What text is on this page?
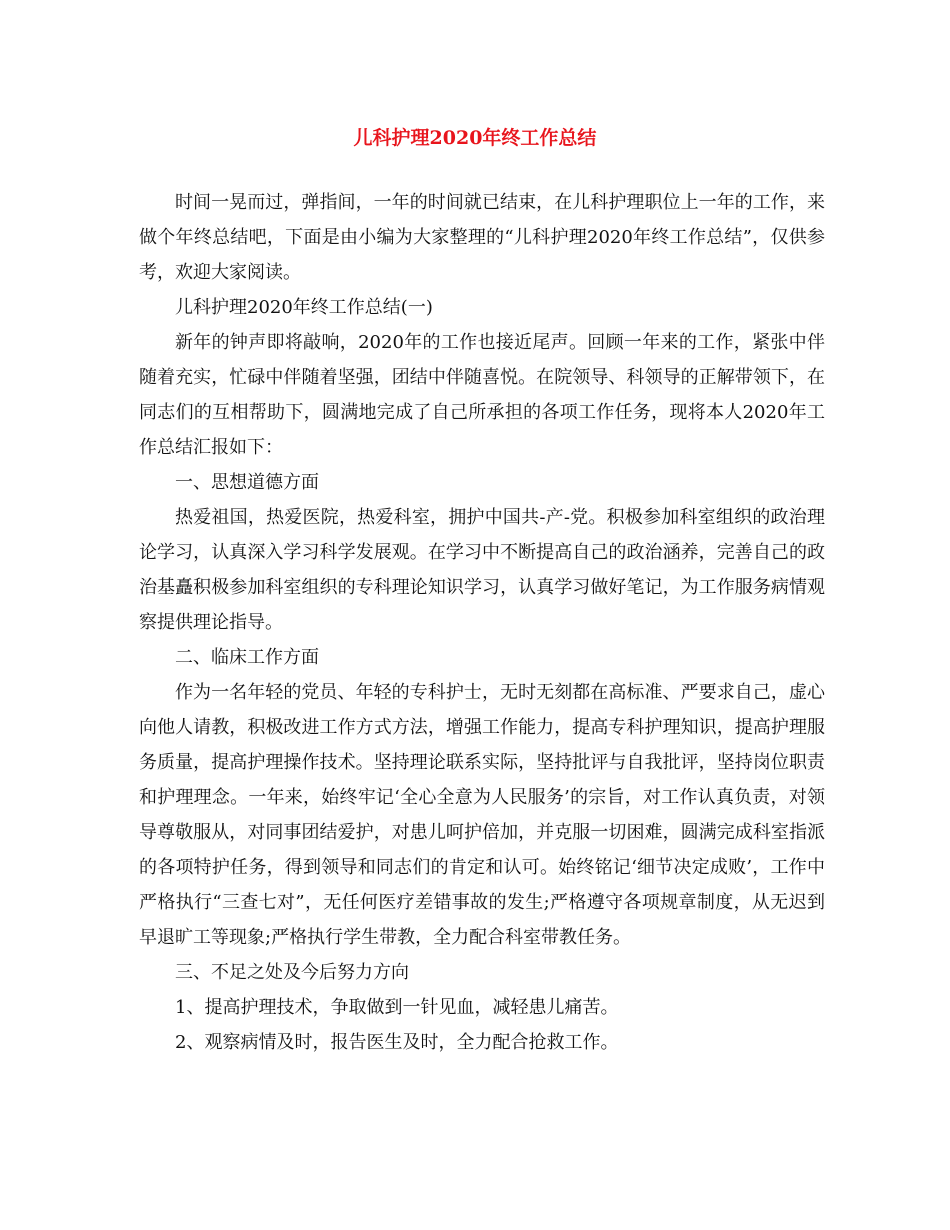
儿科护理2020年终工作总结

时间一晃而过，弹指间，一年的时间就已结束，在儿科护理职位上一年的工作，来做个年终总结吧，下面是由小编为大家整理的“儿科护理2020年终工作总结”，仅供参考，欢迎大家阅读。

儿科护理2020年终工作总结(一)

新年的钟声即将敲响，2020年的工作也接近尾声。回顾一年来的工作，紧张中伴随着充实，忙碌中伴随着坚强，团结中伴随喜悦。在院领导、科领导的正解带领下，在同志们的互相帮助下，圆满地完成了自己所承担的各项工作任务，现将本人2020年工作总结汇报如下：

一、思想道德方面

热爱祖国，热爱医院，热爱科室，拥护中国共-产-党。积极参加科室组织的政治理论学习，认真深入学习科学发展观。在学习中不断提高自己的政治涵养，完善自己的政治基矗积极参加科室组织的专科理论知识学习，认真学习做好笔记，为工作服务病情观察提供理论指导。

二、临床工作方面

作为一名年轻的党员、年轻的专科护士，无时无刻都在高标准、严要求自己，虚心向他人请教，积极改进工作方式方法，增强工作能力，提高专科护理知识，提高护理服务质量，提高护理操作技术。坚持理论联系实际，坚持批评与自我批评，坚持岗位职责和护理理念。一年来，始终牢记‘全心全意为人民服务’的宗旨，对工作认真负责，对领导尊敬服从，对同事团结爱护，对患儿呵护倍加，并克服一切困难，圆满完成科室指派的各项特护任务，得到领导和同志们的肯定和认可。始终铭记‘细节决定成败’，工作中严格执行“三查七对”，无任何医疗差错事故的发生;严格遵守各项规章制度，从无迟到早退旷工等现象;严格执行学生带教，全力配合科室带教任务。

三、不足之处及今后努力方向

1、提高护理技术，争取做到一针见血，减轻患儿痛苦。

2、观察病情及时，报告医生及时，全力配合抢救工作。
